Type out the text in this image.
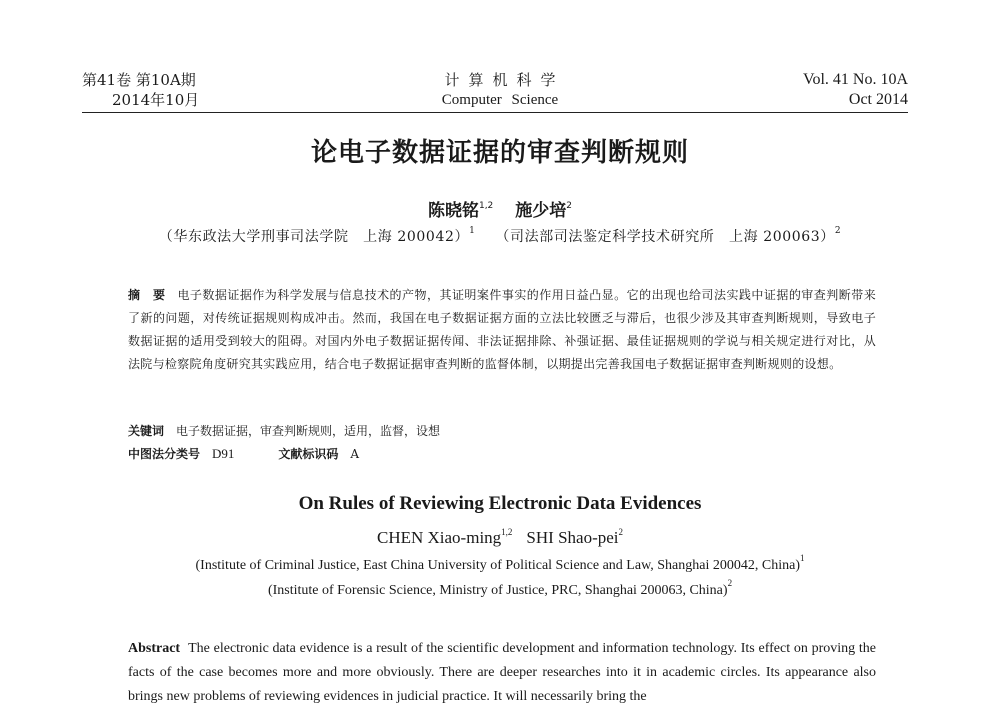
第41卷 第10A期
2014年10月
计算机科学
Computer Science
Vol. 41 No. 10A
Oct 2014
论电子数据证据的审查判断规则
陈晓铭$^{1,2}$ 施少培$^2$
（华东政法大学刑事司法学院　上海 200042）$^1$ （司法部司法鉴定科学技术研究所　上海 200063）$^2$
摘　要 电子数据证据作为科学发展与信息技术的产物，其证明案件事实的作用日益凸显。它的出现也给司法实践中证据的审查判断带来了新的问题，对传统证据规则构成冲击。然而，我国在电子数据证据方面的立法比较匮乏与滞后，也很少涉及其审查判断规则，导致电子数据证据的适用受到较大的阻碍。对国内外电子数据证据传闻、非法证据排除、补强证据、最佳证据规则的学说与相关规定进行对比，从法院与检察院角度研究其实践应用，结合电子数据证据审查判断的监督体制，以期提出完善我国电子数据证据审查判断规则的设想。
关键词 电子数据证据，审查判断规则，适用，监督，设想
中图法分类号 D91	文献标识码 A
On Rules of Reviewing Electronic Data Evidences
CHEN Xiao-ming$^{1,2}$ SHI Shao-pei$^2$
(Institute of Criminal Justice, East China University of Political Science and Law, Shanghai 200042, China)$^1$
(Institute of Forensic Science, Ministry of Justice, PRC, Shanghai 200063, China)$^2$
Abstract The electronic data evidence is a result of the scientific development and information technology. Its effect on proving the facts of the case becomes more and more obviously. There are deeper researches into it in academic circles. Its appearance also brings new problems of reviewing evidences in judicial practice. It will necessarily bring the
